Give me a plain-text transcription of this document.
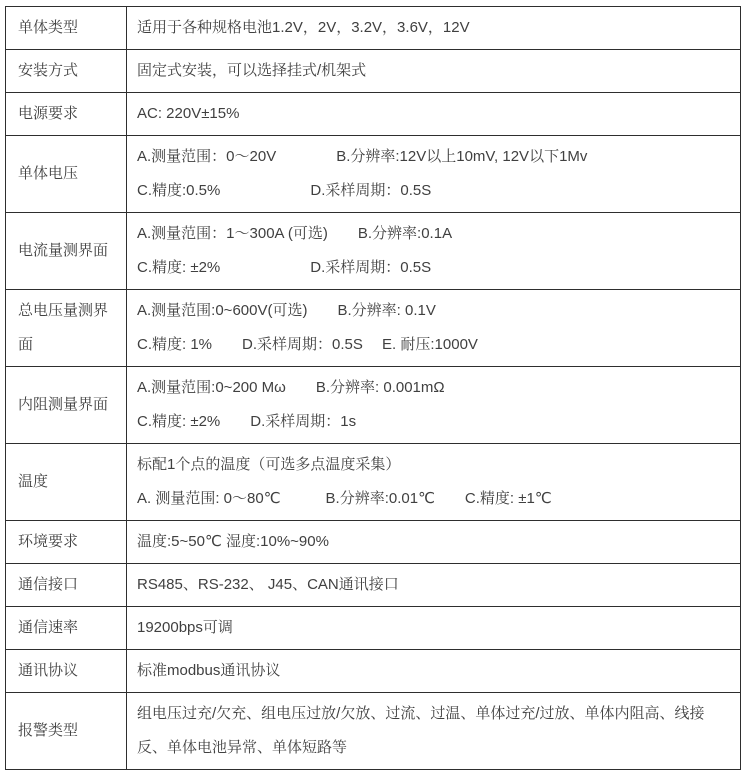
单体类型	适用于各种规格电池1.2V，2V，3.2V，3.6V，12V

安装方式	固定式安装，可以选择挂式/机架式

电源要求	AC: 220V±15%

单体电压	A.测量范围：0～20V　　　　B.分辨率:12V以上10mV, 12V以下1Mv
C.精度:0.5%　　　　　　D.采样周期：0.5S

电流量测界面	A.测量范围：1～300A (可选)　　B.分辨率:0.1A
C.精度: ±2%　　　　　　D.采样周期：0.5S

总电压量测界面	A.测量范围:0~600V(可选)　　B.分辨率: 0.1V
C.精度: 1%　　D.采样周期：0.5S　 E. 耐压:1000V

内阻测量界面	A.测量范围:0~200 Mω　　B.分辨率: 0.001mΩ
C.精度: ±2%　　D.采样周期：1s

温度	标配1个点的温度（可选多点温度采集）
A. 测量范围: 0～80℃　　　B.分辨率:0.01℃　　C.精度: ±1℃

环境要求	温度:5~50℃ 湿度:10%~90%

通信接口	RS485、RS-232、 J45、CAN通讯接口

通信速率	19200bps可调

通讯协议	标准modbus通讯协议

报警类型	组电压过充/欠充、组电压过放/欠放、过流、过温、单体过充/过放、单体内阻高、线接反、单体电池异常、单体短路等
